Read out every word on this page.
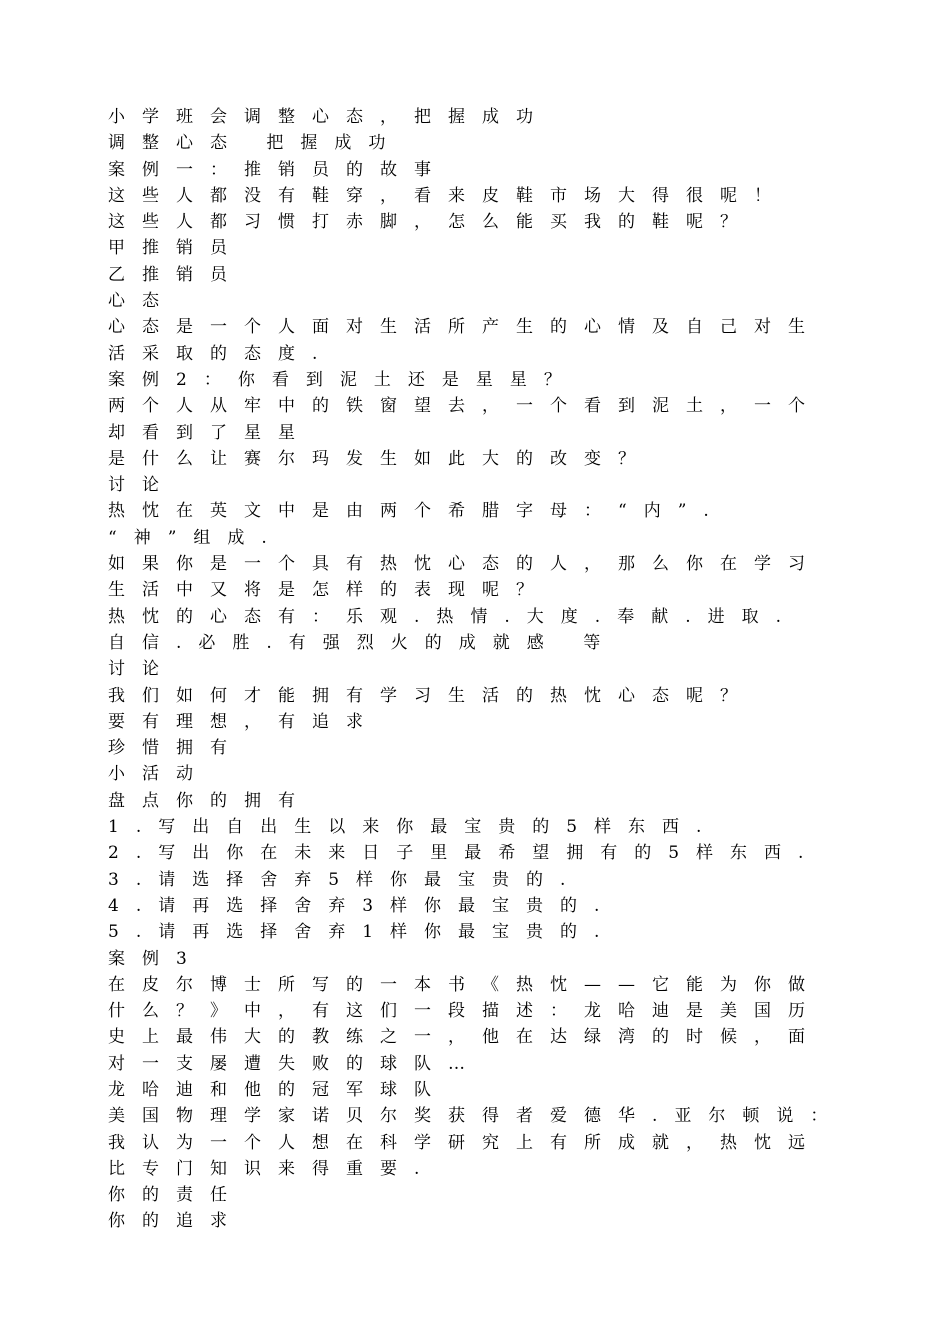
小学班会调整心态，把握成功
调整心态 把握成功
案例一：推销员的故事
这些人都没有鞋穿，看来皮鞋市场大得很呢！
这些人都习惯打赤脚，怎么能买我的鞋呢？
甲推销员
乙推销员
心态
心态是一个人面对生活所产生的心情及自己对生
活采取的态度.
案例2：你看到泥土还是星星？
两个人从牢中的铁窗望去，一个看到泥土，一个
却看到了星星
是什么让赛尔玛发生如此大的改变？
讨论
热忱在英文中是由两个希腊字母：“内”.
“神”组成.
如果你是一个具有热忱心态的人，那么你在学习
生活中又将是怎样的表现呢？
热忱的心态有：乐观.热情.大度.奉献.进取.
自信.必胜.有强烈火的成就感 等
讨论
我们如何才能拥有学习生活的热忱心态呢？
要有理想，有追求
珍惜拥有
小活动
盘点你的拥有
1.写出自出生以来你最宝贵的5样东西.
2.写出你在未来日子里最希望拥有的5样东西.
3.请选择舍弃5样你最宝贵的.
4.请再选择舍弃3样你最宝贵的.
5.请再选择舍弃1样你最宝贵的.
案例3
在皮尔博士所写的一本书《热忱——它能为你做
什么？》中，有这们一段描述：龙哈迪是美国历
史上最伟大的教练之一，他在达绿湾的时候，面
对一支屡遭失败的球队…
龙哈迪和他的冠军球队
美国物理学家诺贝尔奖获得者爱德华.亚尔顿说：
我认为一个人想在科学研究上有所成就，热忱远
比专门知识来得重要.
你的责任
你的追求
